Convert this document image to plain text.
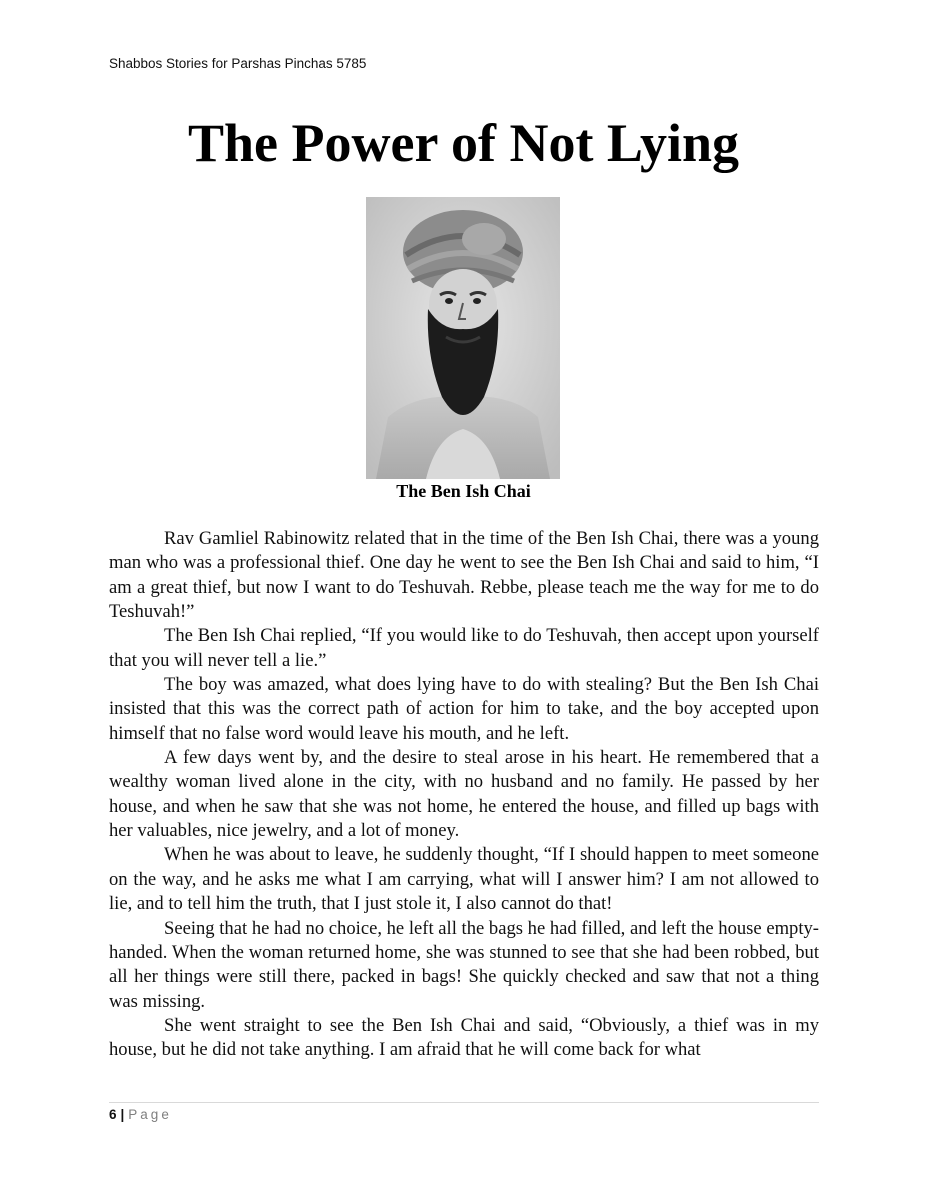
Shabbos Stories for Parshas Pinchas 5785
The Power of Not Lying
The Ben Ish Chai

Rav Gamliel Rabinowitz related that in the time of the Ben Ish Chai, there was a young man who was a professional thief. One day he went to see the Ben Ish Chai and said to him, “I am a great thief, but now I want to do Teshuvah. Rebbe, please teach me the way for me to do Teshuvah!”

The Ben Ish Chai replied, “If you would like to do Teshuvah, then accept upon yourself that you will never tell a lie.”

The boy was amazed, what does lying have to do with stealing? But the Ben Ish Chai insisted that this was the correct path of action for him to take, and the boy accepted upon himself that no false word would leave his mouth, and he left.

A few days went by, and the desire to steal arose in his heart. He remembered that a wealthy woman lived alone in the city, with no husband and no family. He passed by her house, and when he saw that she was not home, he entered the house, and filled up bags with her valuables, nice jewelry, and a lot of money.

When he was about to leave, he suddenly thought, “If I should happen to meet someone on the way, and he asks me what I am carrying, what will I answer him? I am not allowed to lie, and to tell him the truth, that I just stole it, I also cannot do that!

Seeing that he had no choice, he left all the bags he had filled, and left the house empty-handed. When the woman returned home, she was stunned to see that she had been robbed, but all her things were still there, packed in bags! She quickly checked and saw that not a thing was missing.

She went straight to see the Ben Ish Chai and said, “Obviously, a thief was in my house, but he did not take anything. I am afraid that he will come back for what

6 | Page
